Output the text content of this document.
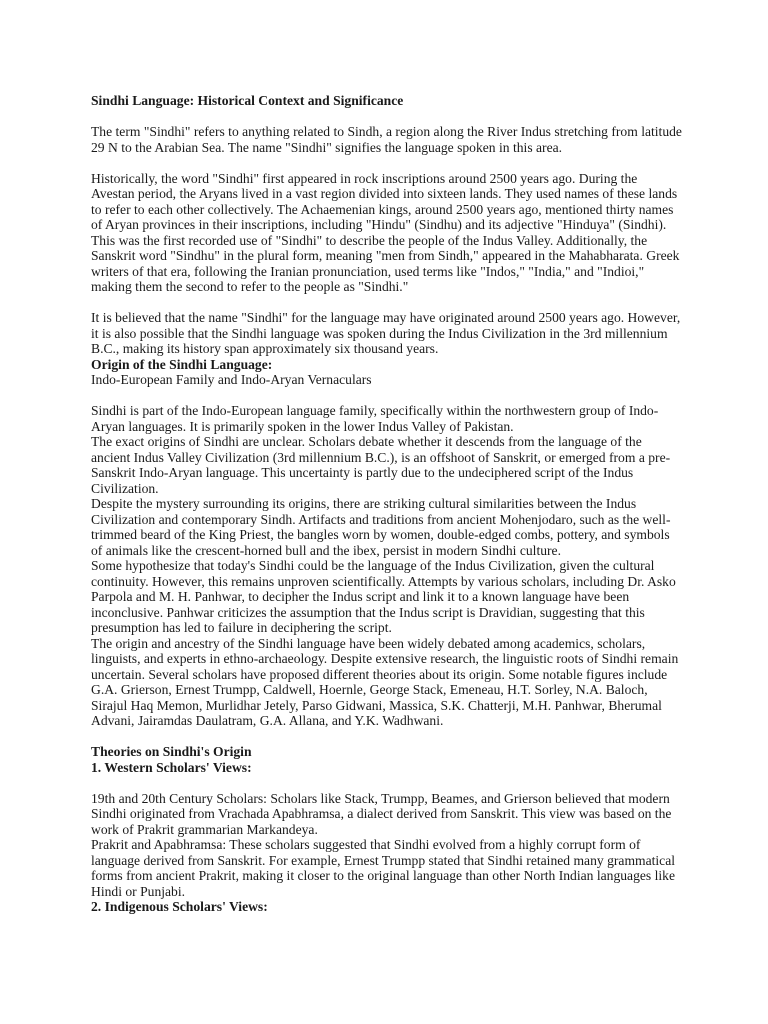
Sindhi Language: Historical Context and Significance

The term "Sindhi" refers to anything related to Sindh, a region along the River Indus stretching from latitude 29 N to the Arabian Sea. The name "Sindhi" signifies the language spoken in this area.

Historically, the word "Sindhi" first appeared in rock inscriptions around 2500 years ago. During the Avestan period, the Aryans lived in a vast region divided into sixteen lands. They used names of these lands to refer to each other collectively. The Achaemenian kings, around 2500 years ago, mentioned thirty names of Aryan provinces in their inscriptions, including "Hindu" (Sindhu) and its adjective "Hinduya" (Sindhi). This was the first recorded use of "Sindhi" to describe the people of the Indus Valley. Additionally, the Sanskrit word "Sindhu" in the plural form, meaning "men from Sindh," appeared in the Mahabharata. Greek writers of that era, following the Iranian pronunciation, used terms like "Indos," "India," and "Indioi," making them the second to refer to the people as "Sindhi."

It is believed that the name "Sindhi" for the language may have originated around 2500 years ago. However, it is also possible that the Sindhi language was spoken during the Indus Civilization in the 3rd millennium B.C., making its history span approximately six thousand years.

Origin of the Sindhi Language:

Indo-European Family and Indo-Aryan Vernaculars

Sindhi is part of the Indo-European language family, specifically within the northwestern group of Indo-Aryan languages. It is primarily spoken in the lower Indus Valley of Pakistan.

The exact origins of Sindhi are unclear. Scholars debate whether it descends from the language of the ancient Indus Valley Civilization (3rd millennium B.C.), is an offshoot of Sanskrit, or emerged from a pre-Sanskrit Indo-Aryan language. This uncertainty is partly due to the undeciphered script of the Indus Civilization.

Despite the mystery surrounding its origins, there are striking cultural similarities between the Indus Civilization and contemporary Sindh. Artifacts and traditions from ancient Mohenjodaro, such as the well-trimmed beard of the King Priest, the bangles worn by women, double-edged combs, pottery, and symbols of animals like the crescent-horned bull and the ibex, persist in modern Sindhi culture.

Some hypothesize that today's Sindhi could be the language of the Indus Civilization, given the cultural continuity. However, this remains unproven scientifically. Attempts by various scholars, including Dr. Asko Parpola and M. H. Panhwar, to decipher the Indus script and link it to a known language have been inconclusive. Panhwar criticizes the assumption that the Indus script is Dravidian, suggesting that this presumption has led to failure in deciphering the script.

The origin and ancestry of the Sindhi language have been widely debated among academics, scholars, linguists, and experts in ethno-archaeology. Despite extensive research, the linguistic roots of Sindhi remain uncertain. Several scholars have proposed different theories about its origin. Some notable figures include G.A. Grierson, Ernest Trumpp, Caldwell, Hoernle, George Stack, Emeneau, H.T. Sorley, N.A. Baloch, Sirajul Haq Memon, Murlidhar Jetely, Parso Gidwani, Massica, S.K. Chatterji, M.H. Panhwar, Bherumal Advani, Jairamdas Daulatram, G.A. Allana, and Y.K. Wadhwani.

Theories on Sindhi's Origin

1. Western Scholars' Views:

19th and 20th Century Scholars: Scholars like Stack, Trumpp, Beames, and Grierson believed that modern Sindhi originated from Vrachada Apabhramsa, a dialect derived from Sanskrit. This view was based on the work of Prakrit grammarian Markandeya.

Prakrit and Apabhramsa: These scholars suggested that Sindhi evolved from a highly corrupt form of language derived from Sanskrit. For example, Ernest Trumpp stated that Sindhi retained many grammatical forms from ancient Prakrit, making it closer to the original language than other North Indian languages like Hindi or Punjabi.

2. Indigenous Scholars' Views:
